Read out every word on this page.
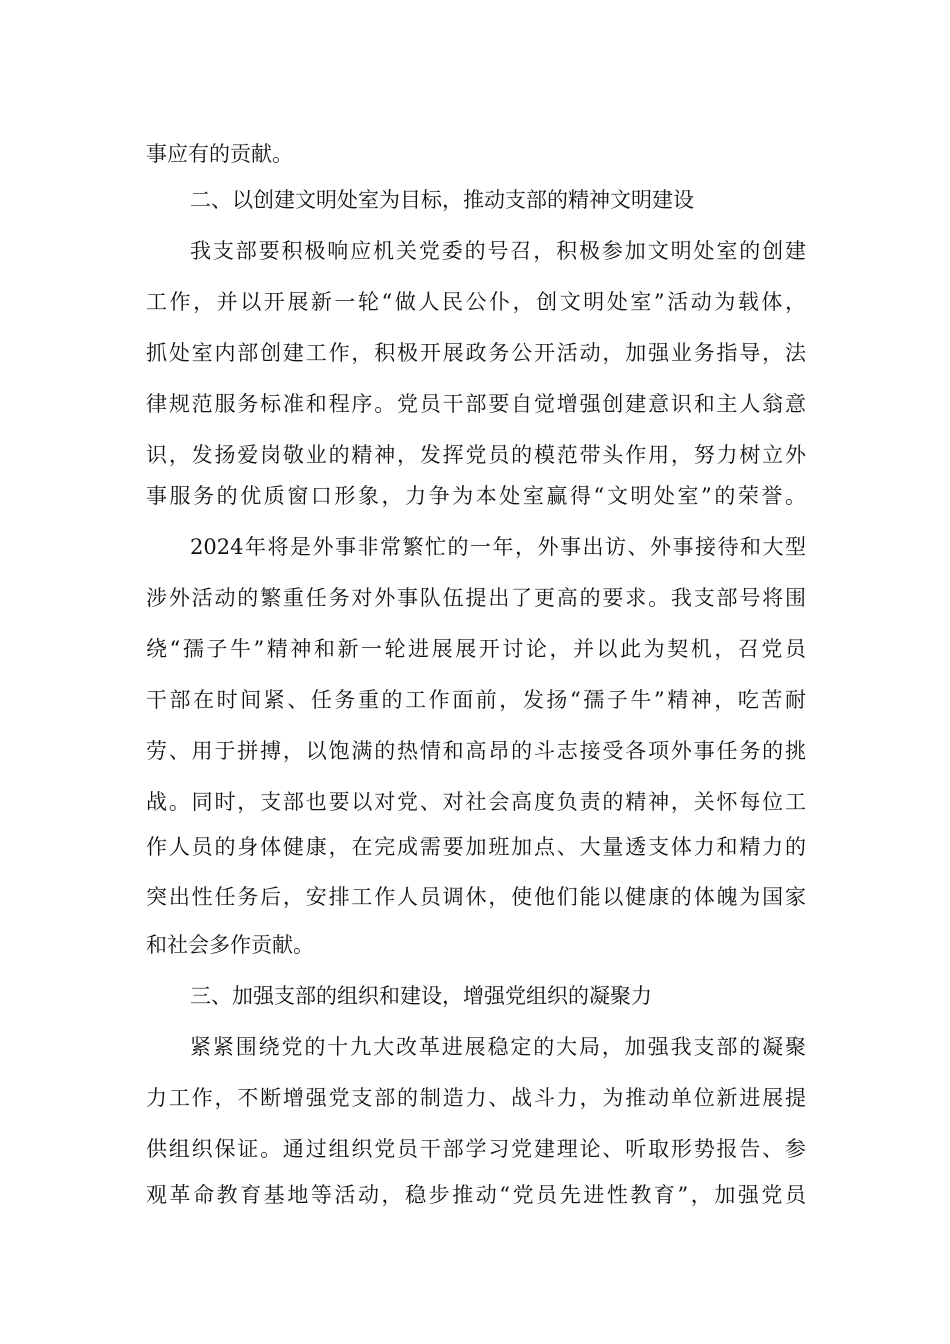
事应有的贡献。
二、以创建文明处室为目标，推动支部的精神文明建设
我支部要积极响应机关党委的号召，积极参加文明处室的创建
工作，并以开展新一轮“做人民公仆，创文明处室”活动为载体，
抓处室内部创建工作，积极开展政务公开活动，加强业务指导，法
律规范服务标准和程序。党员干部要自觉增强创建意识和主人翁意
识，发扬爱岗敬业的精神，发挥党员的模范带头作用，努力树立外
事服务的优质窗口形象，力争为本处室赢得“文明处室”的荣誉。
2024年将是外事非常繁忙的一年，外事出访、外事接待和大型
涉外活动的繁重任务对外事队伍提出了更高的要求。我支部号将围
绕“孺子牛”精神和新一轮进展展开讨论，并以此为契机，召党员
干部在时间紧、任务重的工作面前，发扬“孺子牛”精神，吃苦耐
劳、用于拼搏，以饱满的热情和高昂的斗志接受各项外事任务的挑
战。同时，支部也要以对党、对社会高度负责的精神，关怀每位工
作人员的身体健康，在完成需要加班加点、大量透支体力和精力的
突出性任务后，安排工作人员调休，使他们能以健康的体魄为国家
和社会多作贡献。
三、加强支部的组织和建设，增强党组织的凝聚力
紧紧围绕党的十九大改革进展稳定的大局，加强我支部的凝聚
力工作，不断增强党支部的制造力、战斗力，为推动单位新进展提
供组织保证。通过组织党员干部学习党建理论、听取形势报告、参
观革命教育基地等活动，稳步推动“党员先进性教育”，加强党员
